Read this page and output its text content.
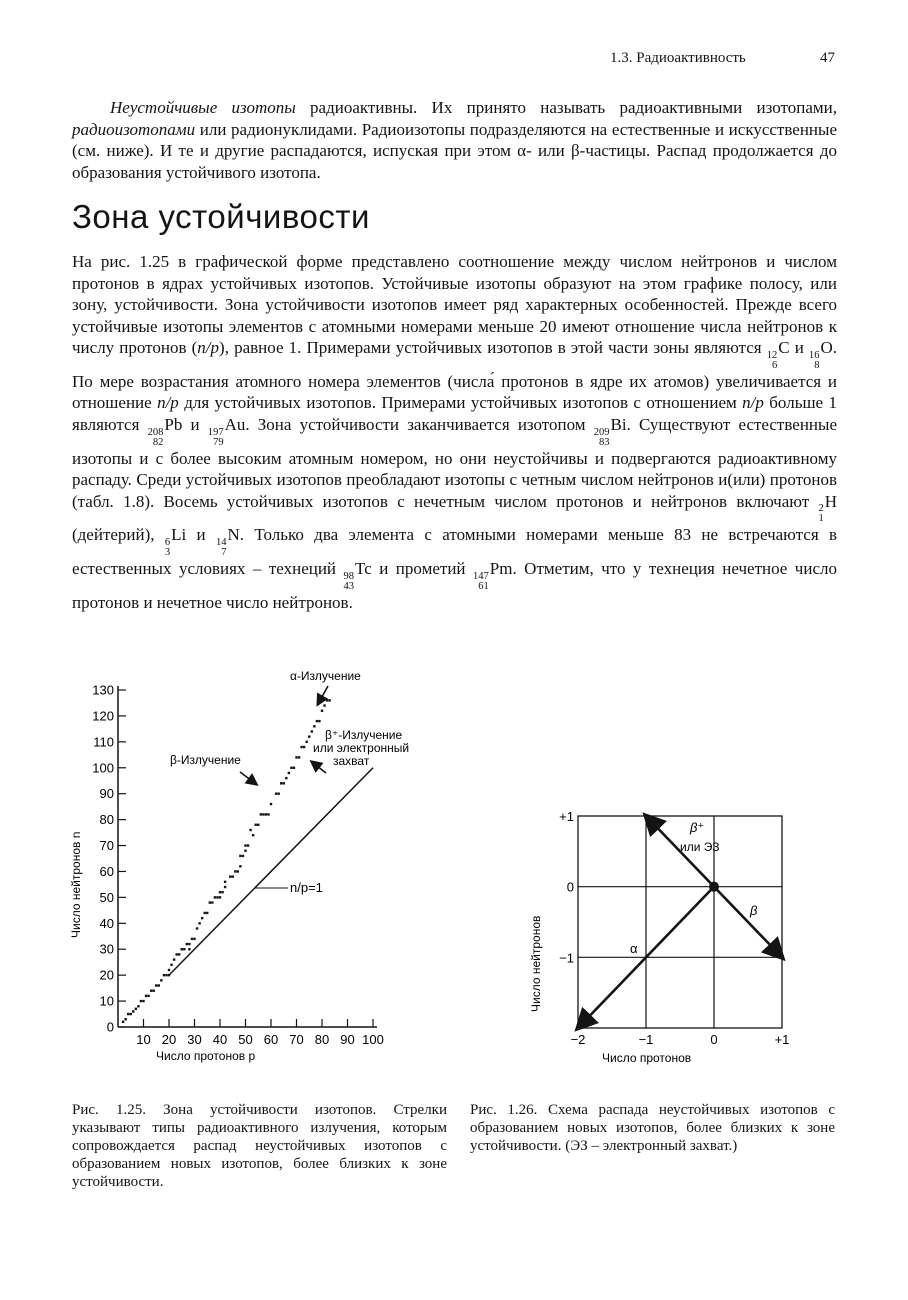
1.3. Радиоактивность	47

Неустойчивые изотопы радиоактивны. Их принято называть радиоактивными изотопами, радиоизотопами или радионуклидами. Радиоизотопы подразделяются на естественные и искусственные (см. ниже). И те и другие распадаются, испуская при этом α- или β-частицы. Распад продолжается до образования устойчивого изотопа.

Зона устойчивости

На рис. 1.25 в графической форме представлено соотношение между числом нейтронов и числом протонов в ядрах устойчивых изотопов. Устойчивые изотопы образуют на этом графике полосу, или зону, устойчивости. Зона устойчивости изотопов имеет ряд характерных особенностей. Прежде всего устойчивые изотопы элементов с атомными номерами меньше 20 имеют отношение числа нейтронов к числу протонов (n/p), равное 1. Примерами устойчивых изотопов в этой части зоны являются 12
6
C и 16
8
O. По мере возрастания атомного номера элементов (числа́ протонов в ядре их атомов) увеличивается и отношение n/p для устойчивых изотопов. Примерами устойчивых изотопов с отношением n/p больше 1 являются 208
82
Pb и 197
79
Au. Зона устойчивости заканчивается изотопом 209
83
Bi. Существуют естественные изотопы и с более высоким атомным номером, но они неустойчивы и подвергаются радиоактивному распаду. Среди устойчивых изотопов преобладают изотопы с четным числом нейтронов и(или) протонов (табл. 1.8). Восемь устойчивых изотопов с нечетным числом протонов и нейтронов включают 2
1
H (дейтерий), 6
3
Li и 14
7
N. Только два элемента с атомными номерами меньше 83 не встречаются в естественных условиях – технеций 98
43
Tc и прометий 147
61
Pm. Отметим, что у технеция нечетное число протонов и нечетное число нейтронов.

0
10
20
30
40
50
60
70
80
90
100
110
120
130
10 20 30 40 50 60 70 80 90 100
n/p=1
α-Излучение
β⁺-Излучение
или электронный
захват
β-Излучение
Число нейтронов n
Число протонов p
−2	−1	0	+1
+1
0
−1
β⁺
или ЭЗ
β
α
Число нейтронов
Число протонов

Рис. 1.25. Зона устойчивости изотопов. Стрелки указывают типы радиоактивного излучения, которым сопровождается распад неустойчивых изотопов с образованием новых изотопов, более близких к зоне устойчивости.

Рис. 1.26. Схема распада неустойчивых изотопов с образованием новых изотопов, более близких к зоне устойчивости. (ЭЗ – электронный захват.)
